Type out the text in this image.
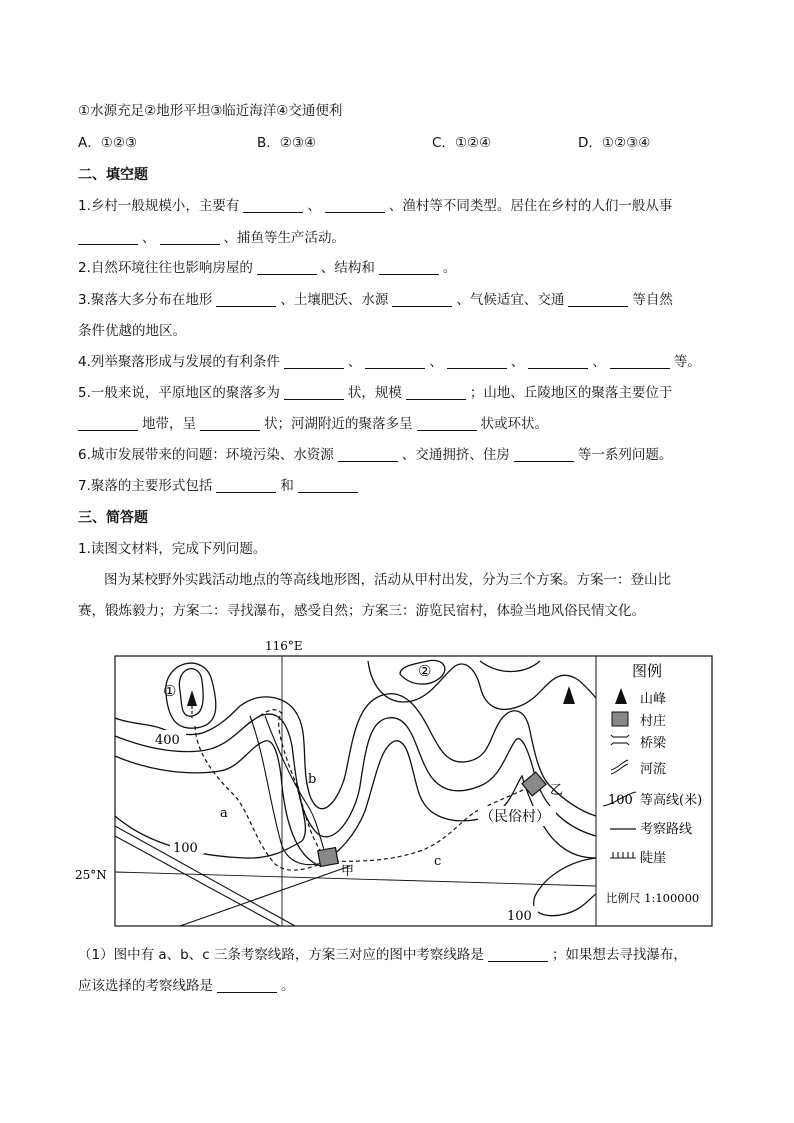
①水源充足②地形平坦③临近海洋④交通便利
A．①②③	B．②③④	C．①②④	D．①②③④
二、填空题
1.乡村一般规模小，主要有	、	、渔村等不同类型。居住在乡村的人们一般从事
、	、捕鱼等生产活动。
2.自然环境往往也影响房屋的	、结构和	。
3.聚落大多分布在地形	、土壤肥沃、水源	、气候适宜、交通	等自然
条件优越的地区。
4.列举聚落形成与发展的有利条件	、	、	、	、	等。
5.一般来说，平原地区的聚落多为	状，规模	；山地、丘陵地区的聚落主要位于
地带，呈	状；河湖附近的聚落多呈	状或环状。
6.城市发展带来的问题：环境污染、水资源	、交通拥挤、住房	等一系列问题。
7.聚落的主要形式包括	和
三、简答题
1.读图文材料，完成下列问题。
图为某校野外实践活动地点的等高线地形图，活动从甲村出发，分为三个方案。方案一：登山比
赛，锻炼毅力；方案二：寻找瀑布，感受自然；方案三：游览民宿村，体验当地风俗民情文化。
116°E
25°N
①
②
400
100
100
a
b
c
甲
乙
（民俗村）
图例
山峰
村庄
桥梁
河流
100 等高线(米)
考察路线
陡崖
比例尺 1:100000
（1）图中有 a、b、c 三条考察线路，方案三对应的图中考察线路是	；如果想去寻找瀑布，
应该选择的考察线路是	。
